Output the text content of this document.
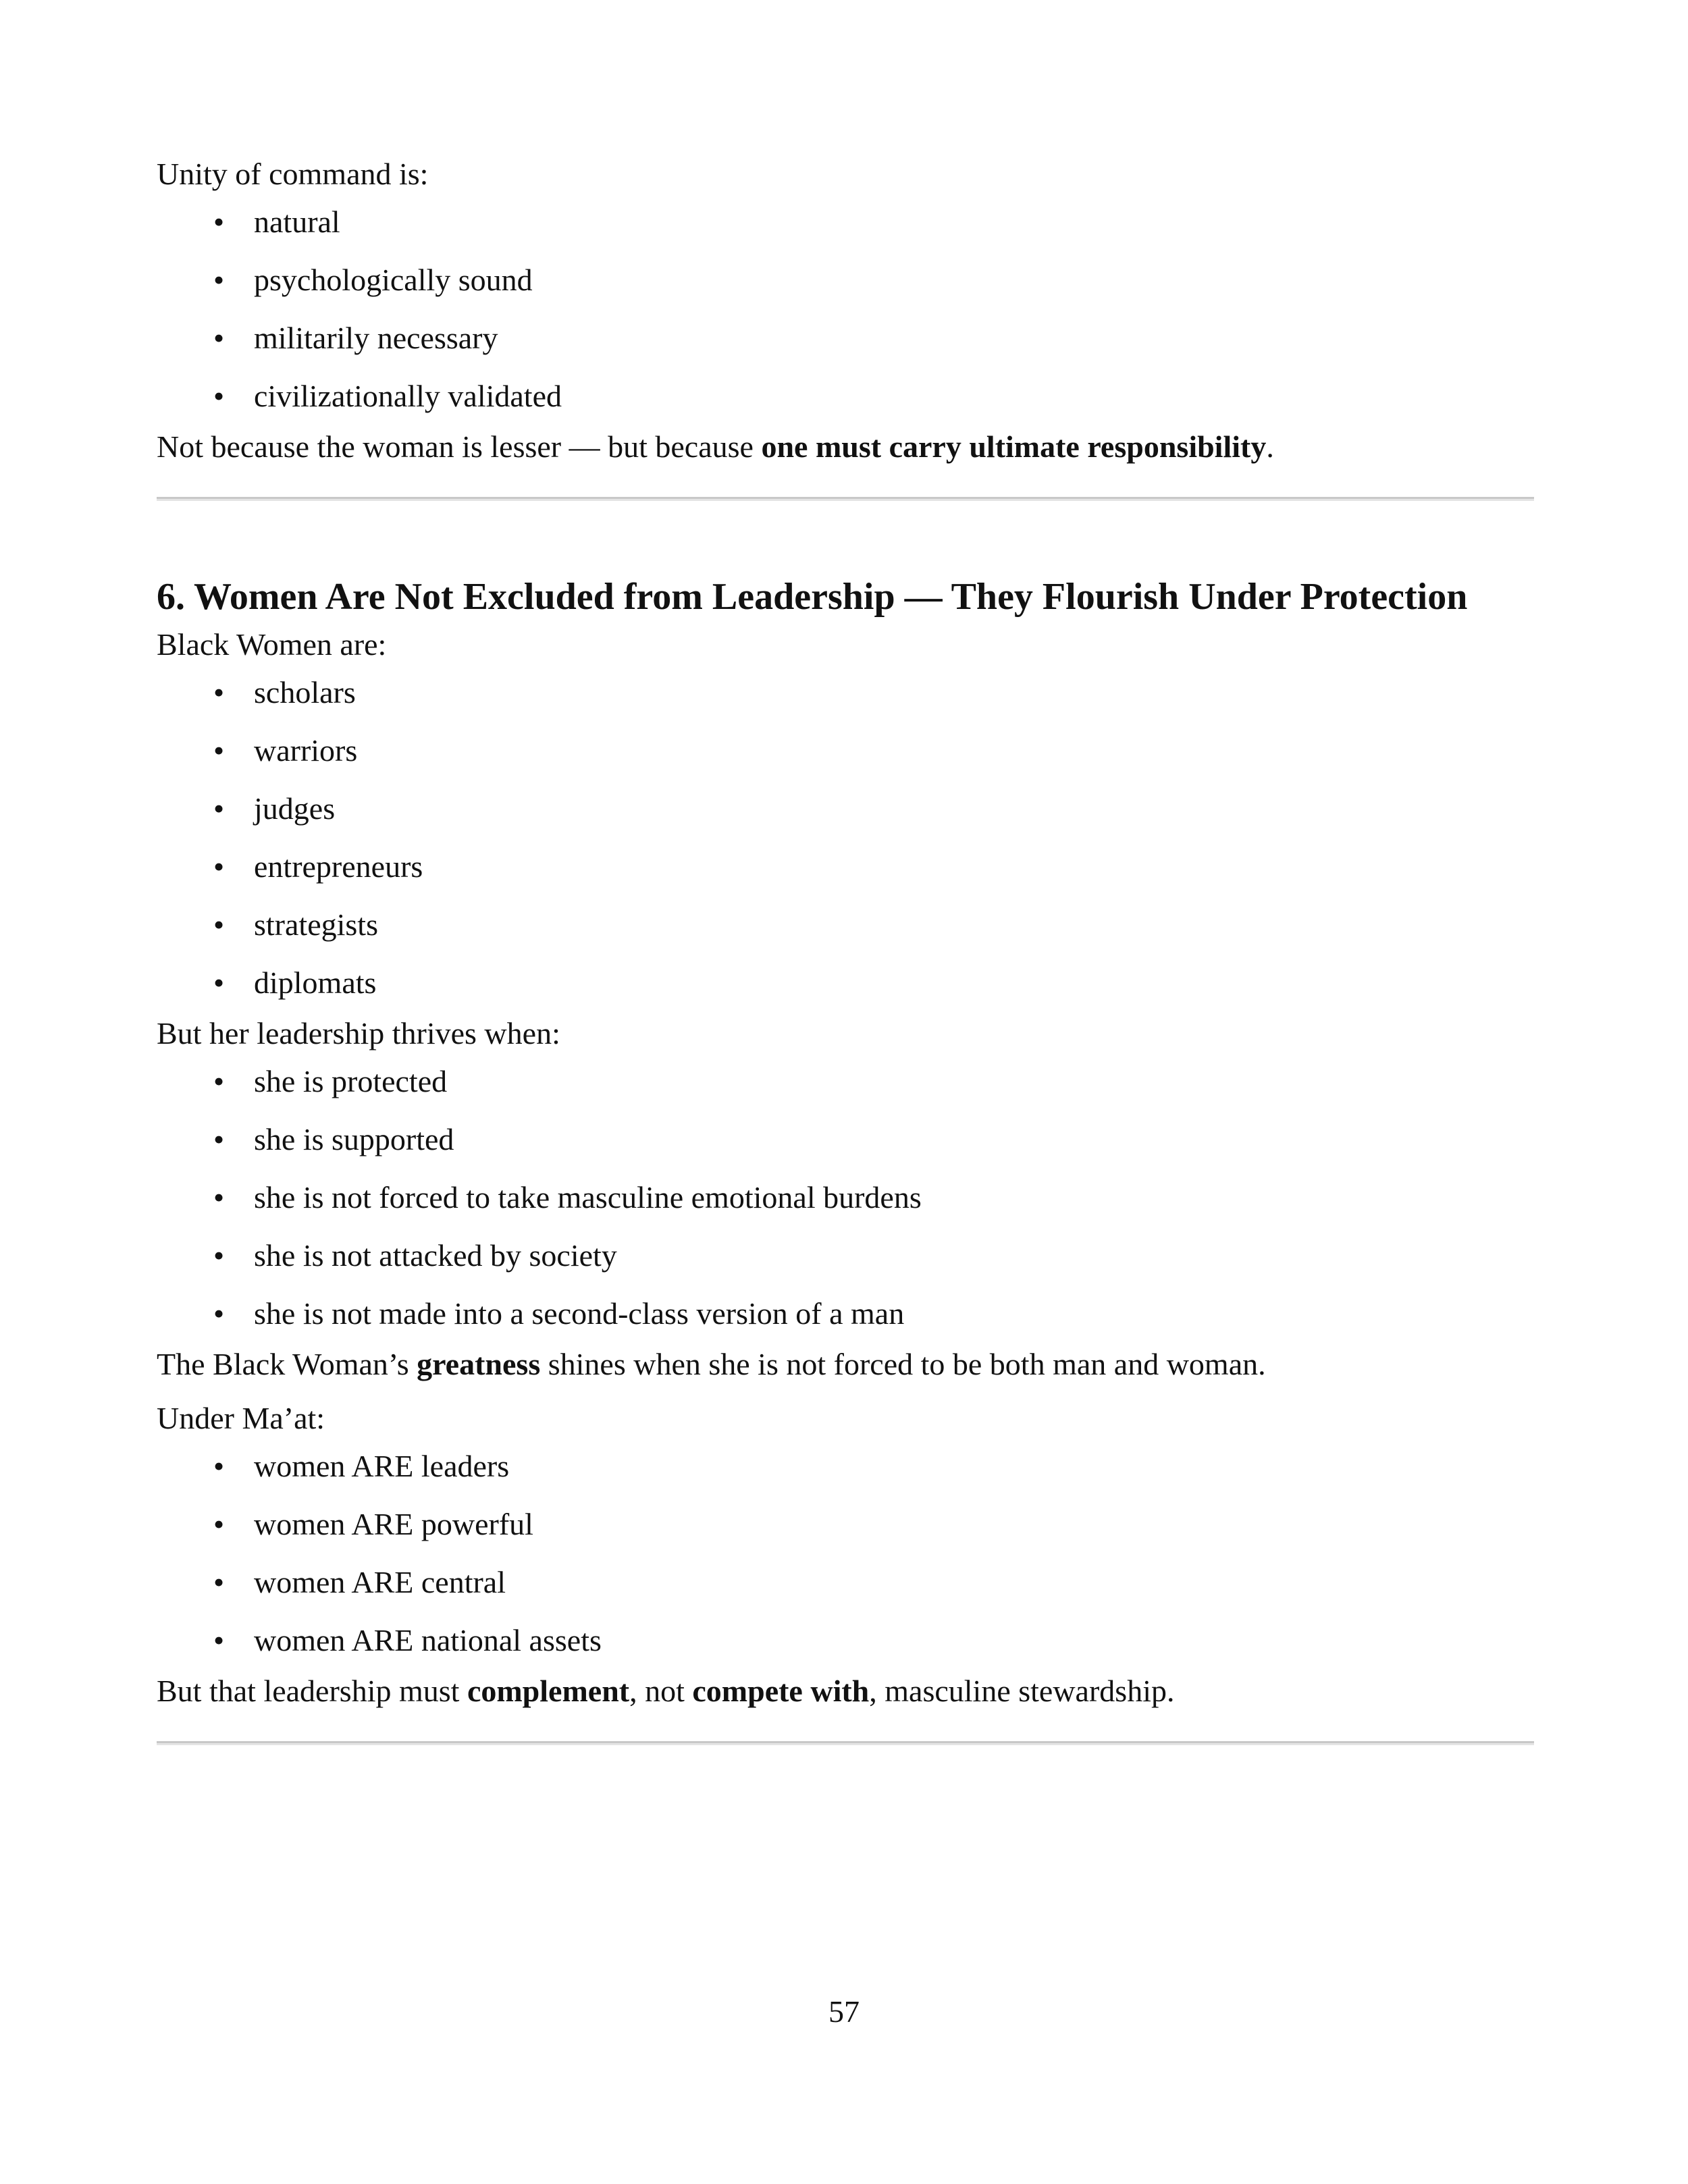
Unity of command is:

• natural
• psychologically sound
• militarily necessary
• civilizationally validated

Not because the woman is lesser — but because one must carry ultimate responsibility.

6. Women Are Not Excluded from Leadership — They Flourish Under Protection

Black Women are:

• scholars
• warriors
• judges
• entrepreneurs
• strategists
• diplomats

But her leadership thrives when:

• she is protected
• she is supported
• she is not forced to take masculine emotional burdens
• she is not attacked by society
• she is not made into a second-class version of a man

The Black Woman’s greatness shines when she is not forced to be both man and woman.

Under Ma’at:

• women ARE leaders
• women ARE powerful
• women ARE central
• women ARE national assets

But that leadership must complement, not compete with, masculine stewardship.

57
